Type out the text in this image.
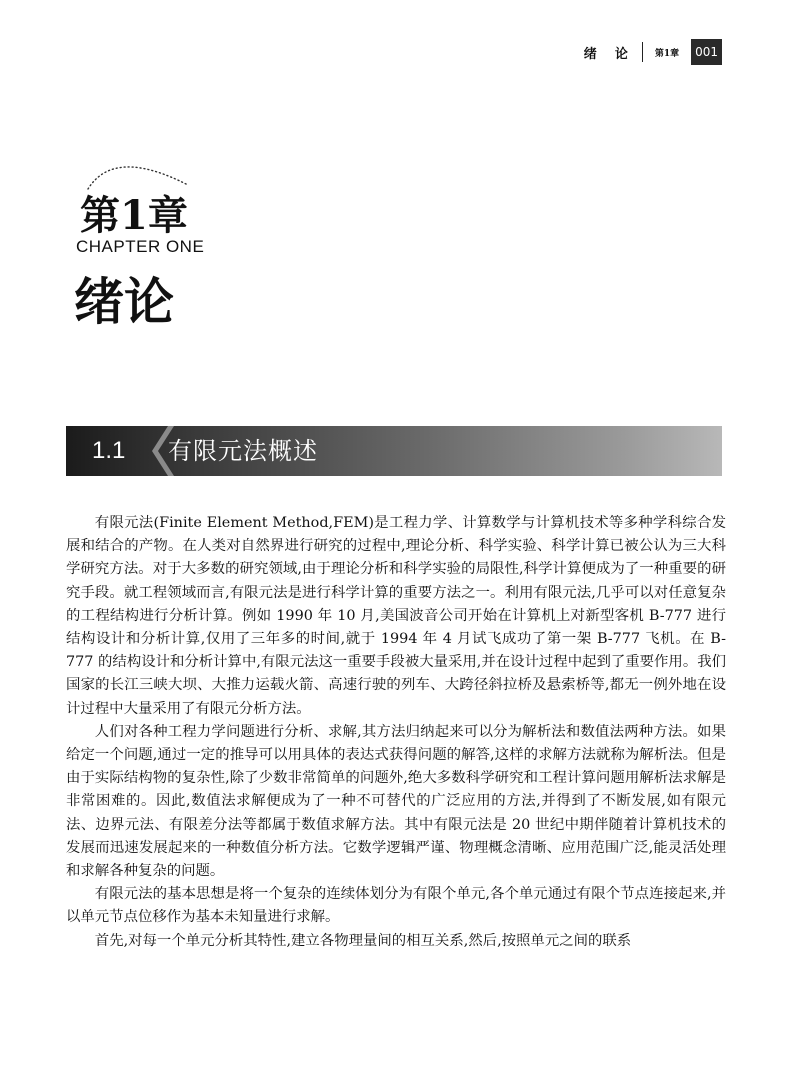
绪 论	第1章	001
第1章
CHAPTER ONE
绪论
1.1 有限元法概述

有限元法(Finite Element Method,FEM)是工程力学、计算数学与计算机技术等多种学科综合发展和结合的产物。在人类对自然界进行研究的过程中,理论分析、科学实验、科学计算已被公认为三大科学研究方法。对于大多数的研究领域,由于理论分析和科学实验的局限性,科学计算便成为了一种重要的研究手段。就工程领域而言,有限元法是进行科学计算的重要方法之一。利用有限元法,几乎可以对任意复杂的工程结构进行分析计算。例如 1990 年 10 月,美国波音公司开始在计算机上对新型客机 B-777 进行结构设计和分析计算,仅用了三年多的时间,就于 1994 年 4 月试飞成功了第一架 B-777 飞机。在 B-777 的结构设计和分析计算中,有限元法这一重要手段被大量采用,并在设计过程中起到了重要作用。我们国家的长江三峡大坝、大推力运载火箭、高速行驶的列车、大跨径斜拉桥及悬索桥等,都无一例外地在设计过程中大量采用了有限元分析方法。

人们对各种工程力学问题进行分析、求解,其方法归纳起来可以分为解析法和数值法两种方法。如果给定一个问题,通过一定的推导可以用具体的表达式获得问题的解答,这样的求解方法就称为解析法。但是由于实际结构物的复杂性,除了少数非常简单的问题外,绝大多数科学研究和工程计算问题用解析法求解是非常困难的。因此,数值法求解便成为了一种不可替代的广泛应用的方法,并得到了不断发展,如有限元法、边界元法、有限差分法等都属于数值求解方法。其中有限元法是 20 世纪中期伴随着计算机技术的发展而迅速发展起来的一种数值分析方法。它数学逻辑严谨、物理概念清晰、应用范围广泛,能灵活处理和求解各种复杂的问题。

有限元法的基本思想是将一个复杂的连续体划分为有限个单元,各个单元通过有限个节点连接起来,并以单元节点位移作为基本未知量进行求解。

首先,对每一个单元分析其特性,建立各物理量间的相互关系,然后,按照单元之间的联系
